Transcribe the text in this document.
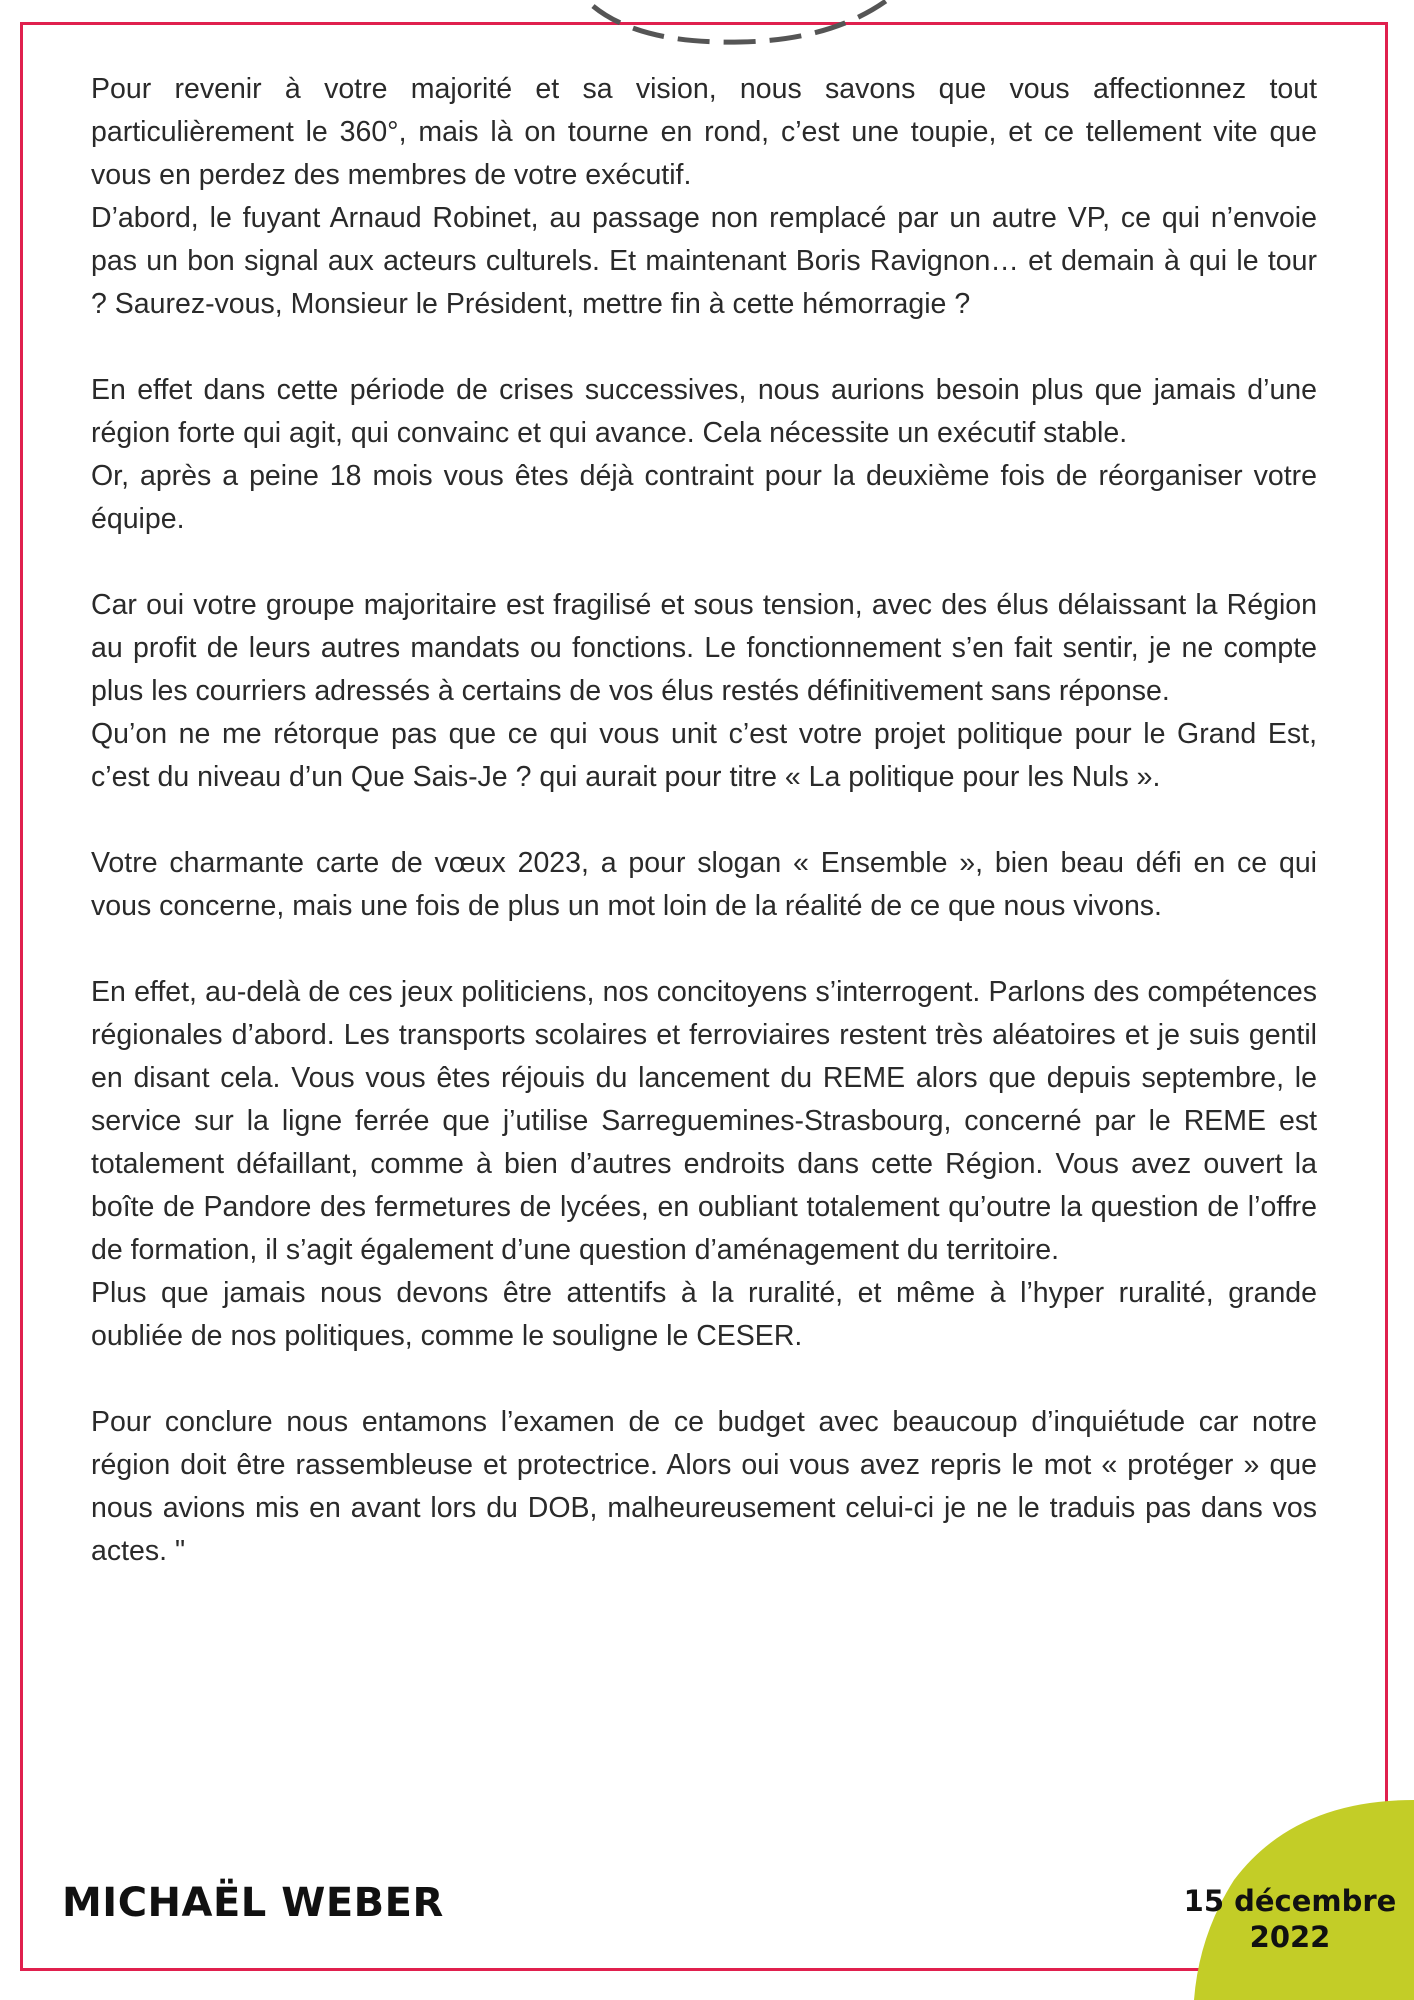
Pour revenir à votre majorité et sa vision, nous savons que vous affectionnez tout particulièrement le 360°, mais là on tourne en rond, c’est une toupie, et ce tellement vite que vous en perdez des membres de votre exécutif.

D’abord, le fuyant Arnaud Robinet, au passage non remplacé par un autre VP, ce qui n’envoie pas un bon signal aux acteurs culturels. Et maintenant Boris Ravignon… et demain à qui le tour ? Saurez-vous, Monsieur le Président, mettre fin à cette hémorragie ?

En effet dans cette période de crises successives, nous aurions besoin plus que jamais d’une région forte qui agit, qui convainc et qui avance. Cela nécessite un exécutif stable.

Or, après a peine 18 mois vous êtes déjà contraint pour la deuxième fois de réorganiser votre équipe.

Car oui votre groupe majoritaire est fragilisé et sous tension, avec des élus délaissant la Région au profit de leurs autres mandats ou fonctions. Le fonctionnement s’en fait sentir, je ne compte plus les courriers adressés à certains de vos élus restés définitivement sans réponse.

Qu’on ne me rétorque pas que ce qui vous unit c’est votre projet politique pour le Grand Est, c’est du niveau d’un Que Sais-Je ? qui aurait pour titre « La politique pour les Nuls ».

Votre charmante carte de vœux 2023, a pour slogan « Ensemble », bien beau défi en ce qui vous concerne, mais une fois de plus un mot loin de la réalité de ce que nous vivons.

En effet, au-delà de ces jeux politiciens, nos concitoyens s’interrogent. Parlons des compétences régionales d’abord. Les transports scolaires et ferroviaires restent très aléatoires et je suis gentil en disant cela. Vous vous êtes réjouis du lancement du REME alors que depuis septembre, le service sur la ligne ferrée que j’utilise Sarreguemines-Strasbourg, concerné par le REME est totalement défaillant, comme à bien d’autres endroits dans cette Région. Vous avez ouvert la boîte de Pandore des fermetures de lycées, en oubliant totalement qu’outre la question de l’offre de formation, il s’agit également d’une question d’aménagement du territoire.

Plus que jamais nous devons être attentifs à la ruralité, et même à l’hyper ruralité, grande oubliée de nos politiques, comme le souligne le CESER.

Pour conclure nous entamons l’examen de ce budget avec beaucoup d’inquiétude car notre région doit être rassembleuse et protectrice. Alors oui vous avez repris le mot « protéger » que nous avions mis en avant lors du DOB, malheureusement celui-ci je ne le traduis pas dans vos actes. "

MICHAËL WEBER	15 décembre
2022
